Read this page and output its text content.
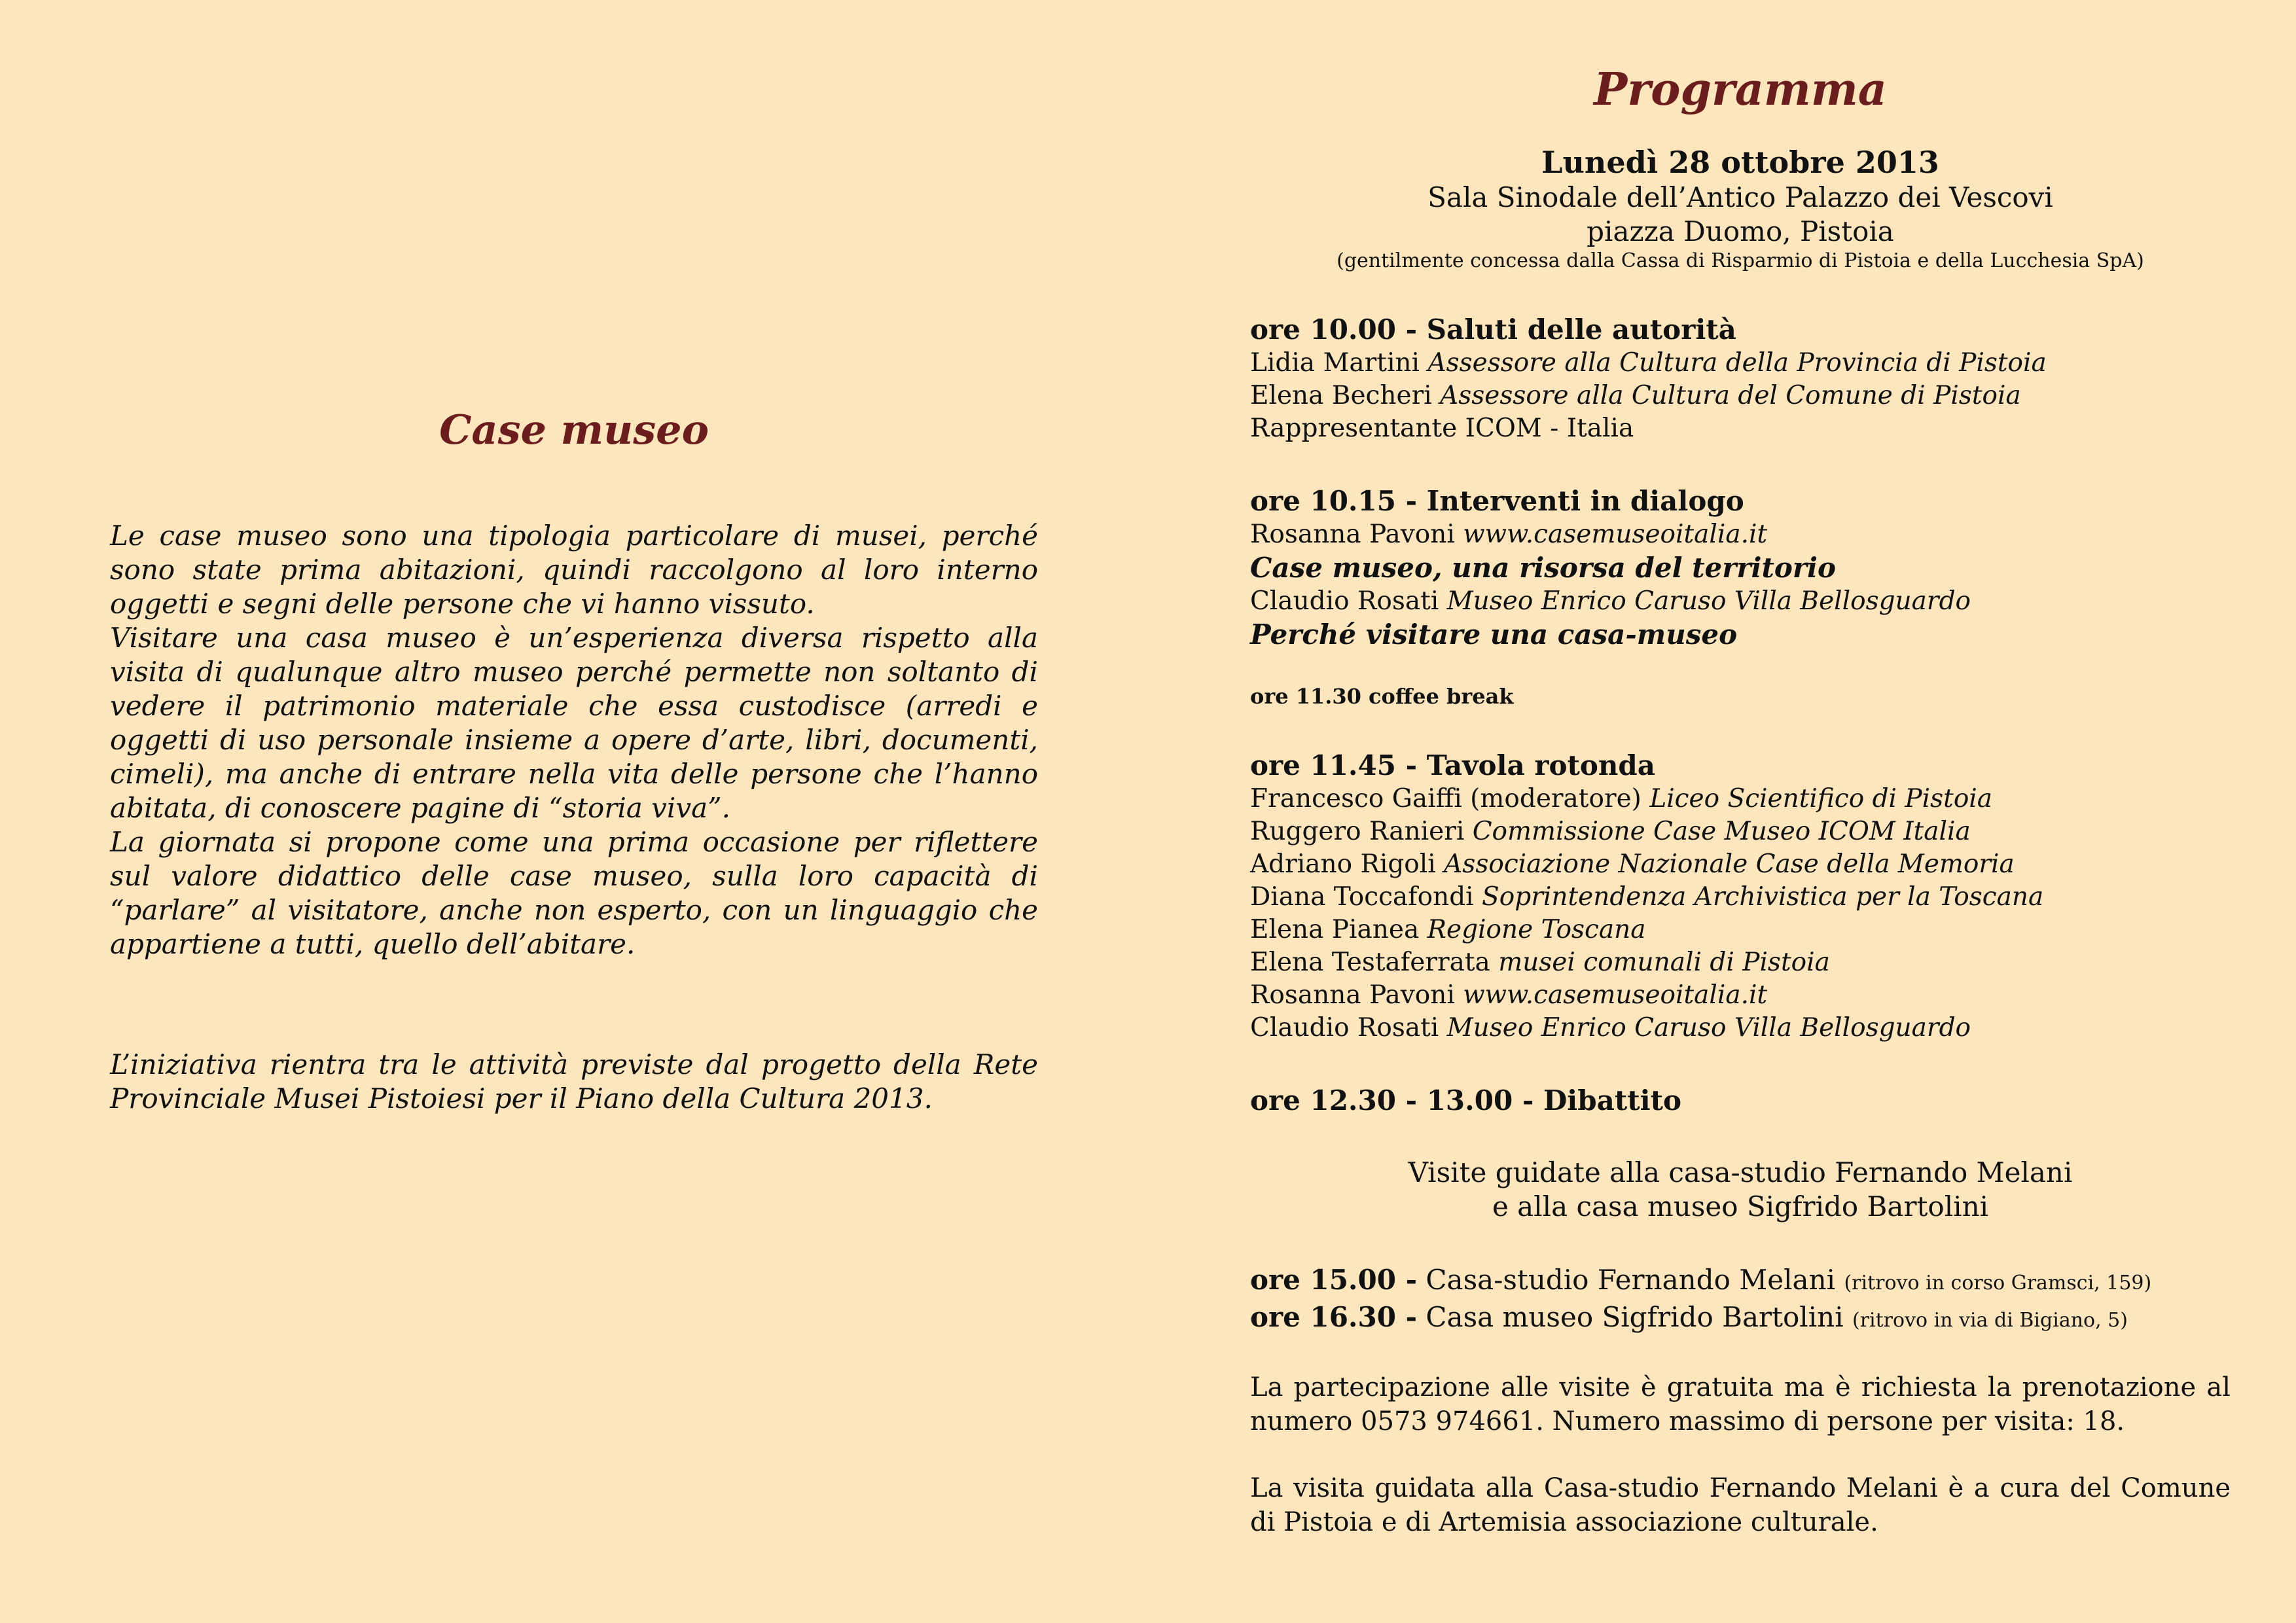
Case museo

Le case museo sono una tipologia particolare di musei, perché sono state prima abitazioni, quindi raccolgono al loro interno oggetti e segni delle persone che vi hanno vissuto.

Visitare una casa museo è un’esperienza diversa rispetto alla visita di qualunque altro museo perché permette non soltanto di vedere il patrimonio materiale che essa custodisce (arredi e oggetti di uso personale insieme a opere d’arte, libri, documenti, cimeli), ma anche di entrare nella vita delle persone che l’hanno abitata, di conoscere pagine di “storia viva”.

La giornata si propone come una prima occasione per riflettere sul valore didattico delle case museo, sulla loro capacità di “parlare” al visitatore, anche non esperto, con un linguaggio che appartiene a tutti, quello dell’abitare.

L’iniziativa rientra tra le attività previste dal progetto della Rete Provinciale Musei Pistoiesi per il Piano della Cultura 2013.

Programma
Lunedì 28 ottobre 2013
Sala Sinodale dell’Antico Palazzo dei Vescovi
piazza Duomo, Pistoia
(gentilmente concessa dalla Cassa di Risparmio di Pistoia e della Lucchesia SpA)
ore 10.00 - Saluti delle autorità
Lidia Martini Assessore alla Cultura della Provincia di Pistoia
Elena Becheri Assessore alla Cultura del Comune di Pistoia
Rappresentante ICOM - Italia
ore 10.15 - Interventi in dialogo
Rosanna Pavoni www.casemuseoitalia.it
Case museo, una risorsa del territorio
Claudio Rosati Museo Enrico Caruso Villa Bellosguardo
Perché visitare una casa-museo
ore 11.30 coffee break
ore 11.45 - Tavola rotonda
Francesco Gaiffi (moderatore) Liceo Scientifico di Pistoia
Ruggero Ranieri Commissione Case Museo ICOM Italia
Adriano Rigoli Associazione Nazionale Case della Memoria
Diana Toccafondi Soprintendenza Archivistica per la Toscana
Elena Pianea Regione Toscana
Elena Testaferrata musei comunali di Pistoia
Rosanna Pavoni www.casemuseoitalia.it
Claudio Rosati Museo Enrico Caruso Villa Bellosguardo
ore 12.30 - 13.00 - Dibattito
Visite guidate alla casa-studio Fernando Melani
e alla casa museo Sigfrido Bartolini
ore 15.00 - Casa-studio Fernando Melani (ritrovo in corso Gramsci, 159)
ore 16.30 - Casa museo Sigfrido Bartolini (ritrovo in via di Bigiano, 5)
La partecipazione alle visite è gratuita ma è richiesta la prenotazione al numero 0573 974661. Numero massimo di persone per visita: 18.
La visita guidata alla Casa-studio Fernando Melani è a cura del Comune di Pistoia e di Artemisia associazione culturale.
